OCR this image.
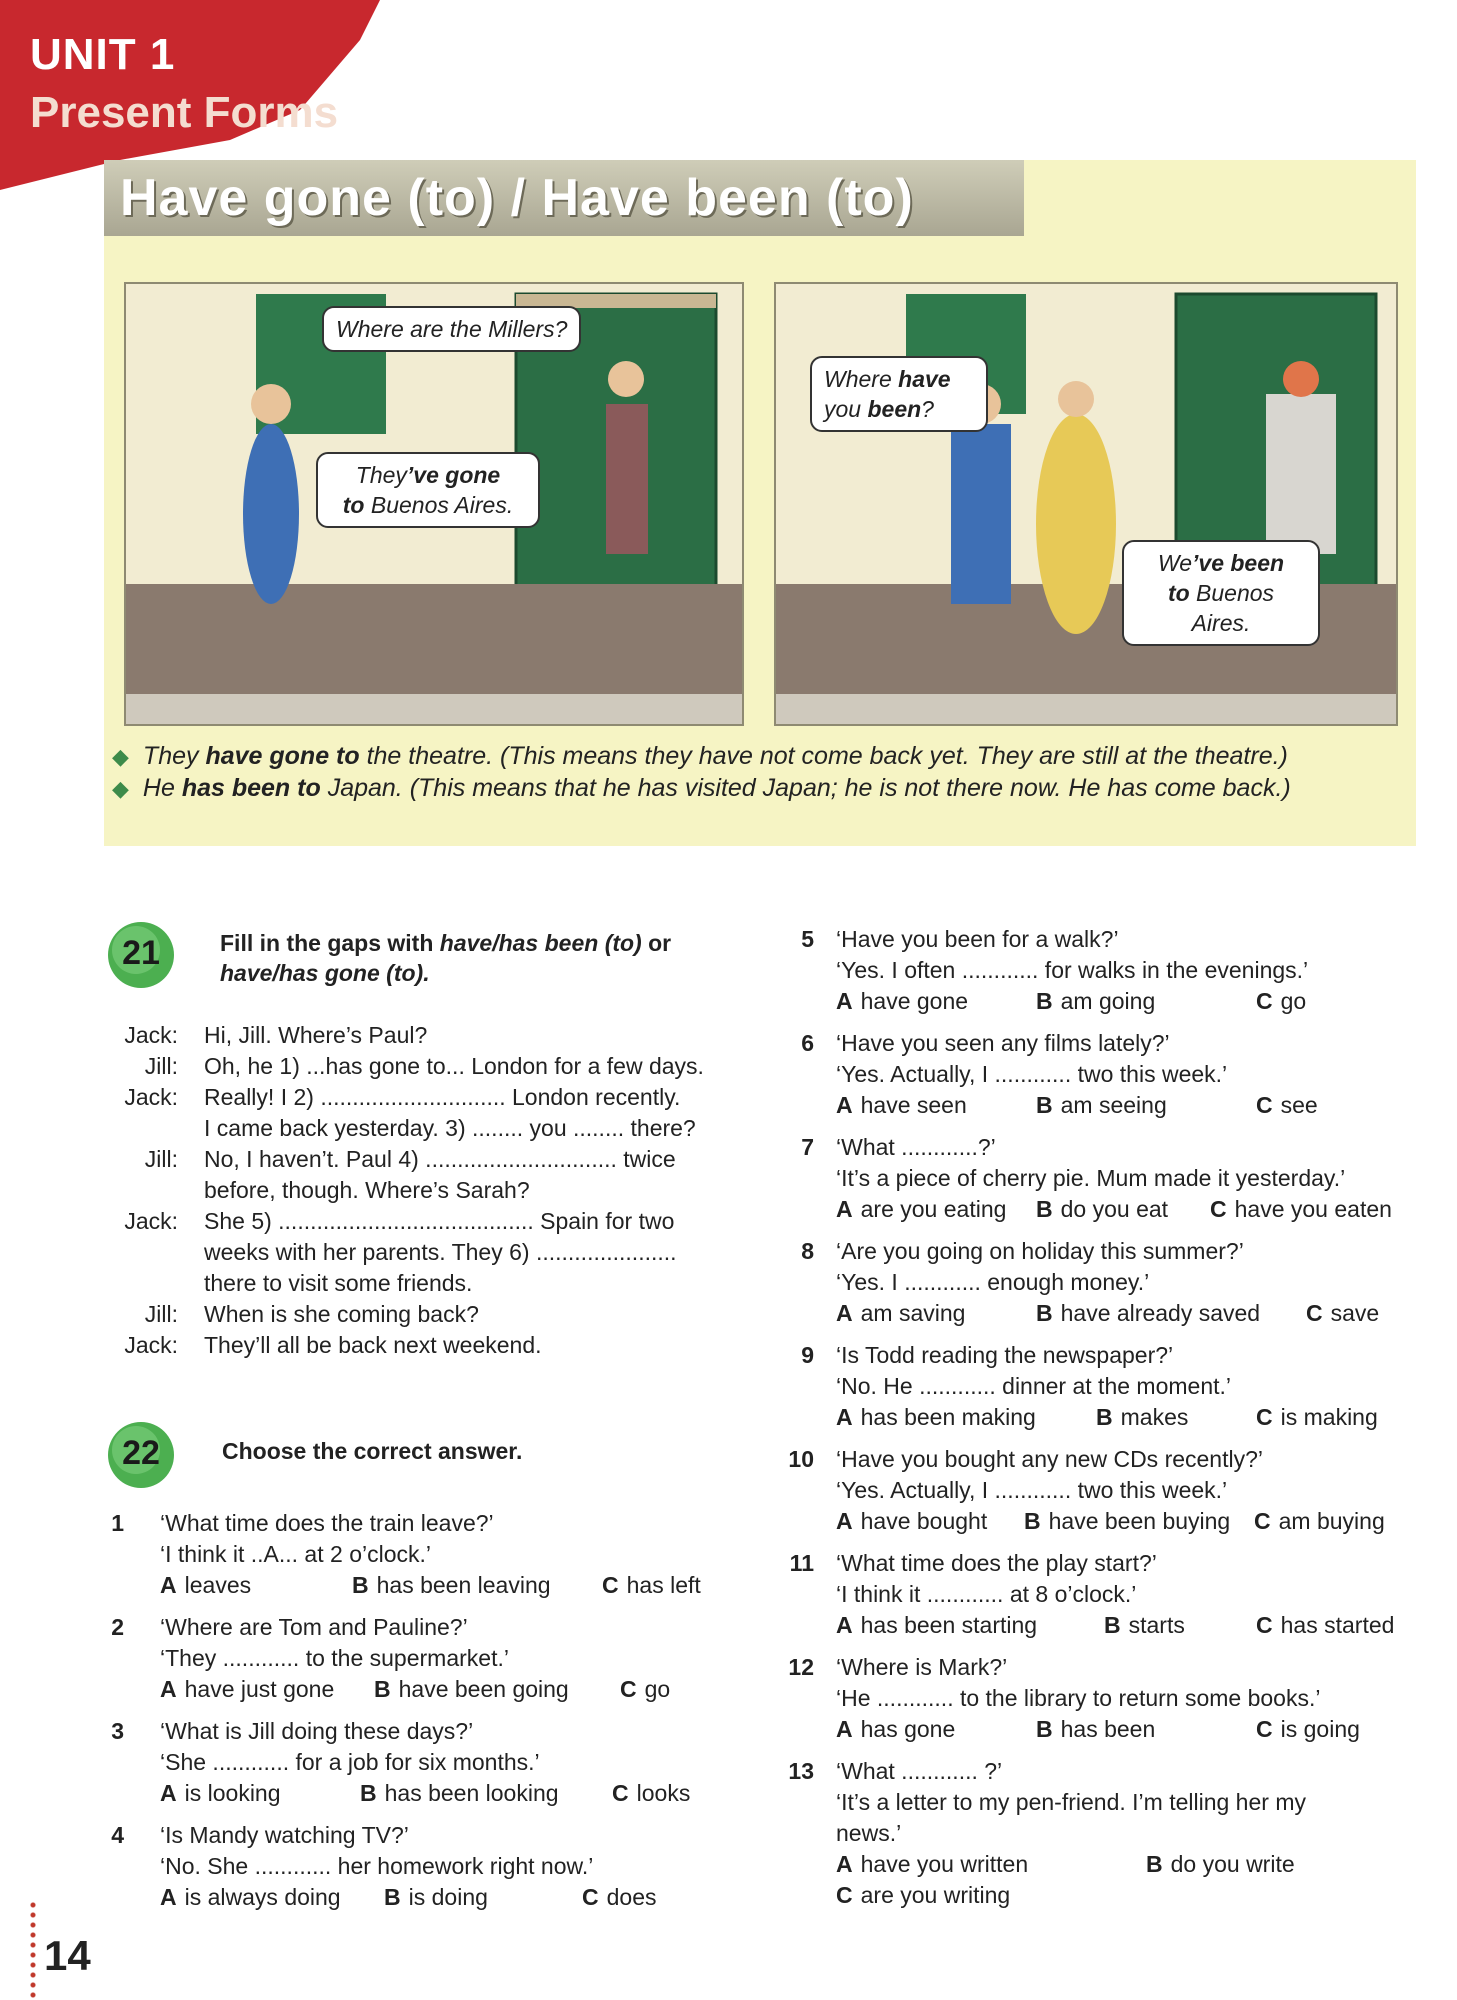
UNIT 1
Present Forms
Have gone (to) / Have been (to)
Where are the Millers?
They’ve gone
to Buenos Aires.
Where have
you been?
We’ve been
to Buenos Aires.
◆ They have gone to the theatre. (This means they have not come back yet. They are still at the theatre.)
◆ He has been to Japan. (This means that he has visited Japan; he is not there now. He has come back.)
21	Fill in the gaps with have/has been (to) or
have/has gone (to).
Jack: Hi, Jill. Where’s Paul?
Jill: Oh, he 1) ...has gone to... London for a few days.
Jack: Really! I 2) ............................. London recently.
I came back yesterday. 3) ........ you ........ there?
Jill: No, I haven’t. Paul 4) .............................. twice
before, though. Where’s Sarah?
Jack: She 5) ........................................ Spain for two
weeks with her parents. They 6) ......................
there to visit some friends.
Jill: When is she coming back?
Jack: They’ll all be back next weekend.
22	Choose the correct answer.
1 ‘What time does the train leave?’
‘I think it ..A... at 2 o’clock.’
A leaves	B has been leaving C has left
2 ‘Where are Tom and Pauline?’
‘They ............ to the supermarket.’
A have just gone B have been going C go
3 ‘What is Jill doing these days?’
‘She ............ for a job for six months.’
A is looking	B has been looking C looks
4 ‘Is Mandy watching TV?’
‘No. She ............ her homework right now.’
A is always doing B is doing	C does
5 ‘Have you been for a walk?’
‘Yes. I often ............ for walks in the evenings.’
A have gone	B am going	C go
6 ‘Have you seen any films lately?’
‘Yes. Actually, I ............ two this week.’
A have seen	B am seeing	C see
7 ‘What ............?’
‘It’s a piece of cherry pie. Mum made it yesterday.’
A are you eating B do you eat C have you eaten
8 ‘Are you going on holiday this summer?’
‘Yes. I ............ enough money.’
A am saving	B have already saved C save
9 ‘Is Todd reading the newspaper?’
‘No. He ............ dinner at the moment.’
A has been making	B makes	C is making
10 ‘Have you bought any new CDs recently?’
‘Yes. Actually, I ............ two this week.’
A have bought B have been buying C am buying
11 ‘What time does the play start?’
‘I think it ............ at 8 o’clock.’
A has been starting	B starts	C has started
12 ‘Where is Mark?’
‘He ............ to the library to return some books.’
A has gone	B has been	C is going
13 ‘What ............ ?’
‘It’s a letter to my pen-friend. I’m telling her my
news.’
A have you written	B do you write
C are you writing
14
